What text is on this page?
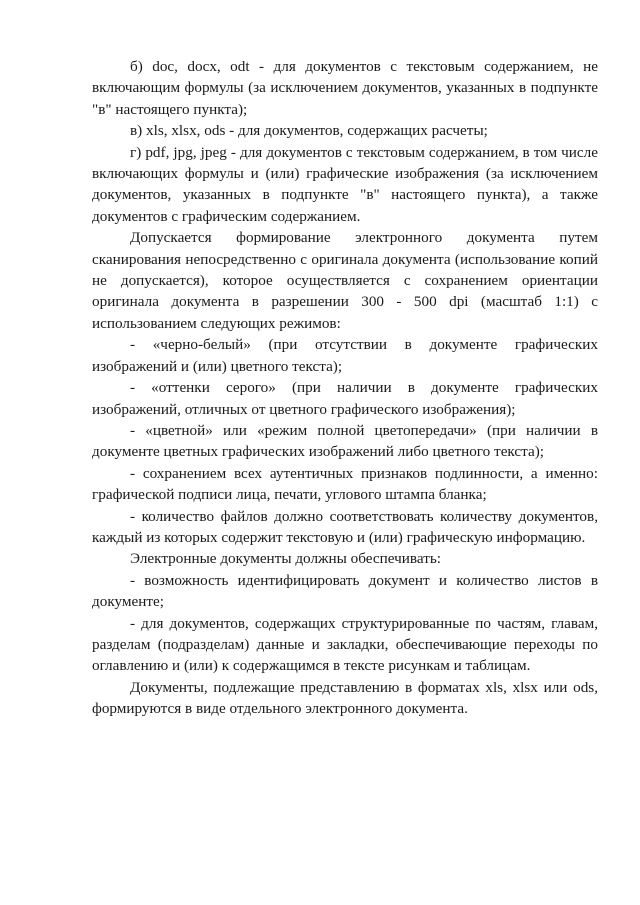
б) doc, docx, odt - для документов с текстовым содержанием, не включающим формулы (за исключением документов, указанных в подпункте "в" настоящего пункта);

в) xls, xlsx, ods - для документов, содержащих расчеты;

г) pdf, jpg, jpeg - для документов с текстовым содержанием, в том числе включающих формулы и (или) графические изображения (за исключением документов, указанных в подпункте "в" настоящего пункта), а также документов с графическим содержанием.

Допускается формирование электронного документа путем сканирования непосредственно с оригинала документа (использование копий не допускается), которое осуществляется с сохранением ориентации оригинала документа в разрешении 300 - 500 dpi (масштаб 1:1) с использованием следующих режимов:

- «черно-белый» (при отсутствии в документе графических изображений и (или) цветного текста);

- «оттенки серого» (при наличии в документе графических изображений, отличных от цветного графического изображения);

- «цветной» или «режим полной цветопередачи» (при наличии в документе цветных графических изображений либо цветного текста);

- сохранением всех аутентичных признаков подлинности, а именно: графической подписи лица, печати, углового штампа бланка;

- количество файлов должно соответствовать количеству документов, каждый из которых содержит текстовую и (или) графическую информацию.

Электронные документы должны обеспечивать:

- возможность идентифицировать документ и количество листов в документе;

- для документов, содержащих структурированные по частям, главам, разделам (подразделам) данные и закладки, обеспечивающие переходы по оглавлению и (или) к содержащимся в тексте рисункам и таблицам.

Документы, подлежащие представлению в форматах xls, xlsx или ods, формируются в виде отдельного электронного документа.
